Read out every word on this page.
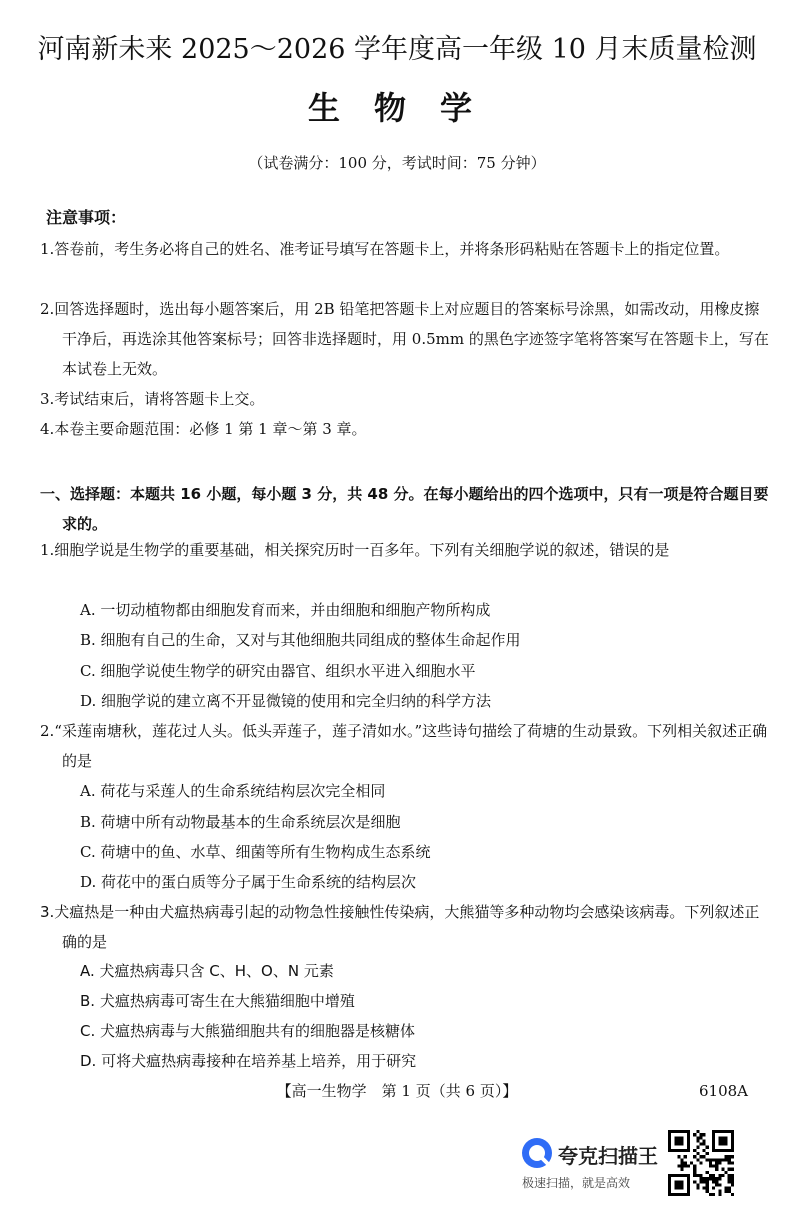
河南新未来 2025～2026 学年度高一年级 10 月末质量检测
生物学
（试卷满分：100 分，考试时间：75 分钟）
注意事项：
1.答卷前，考生务必将自己的姓名、准考证号填写在答题卡上，并将条形码粘贴在答题卡上的指定位置。
2.回答选择题时，选出每小题答案后，用 2B 铅笔把答题卡上对应题目的答案标号涂黑，如需改动，用橡皮擦干净后，再选涂其他答案标号；回答非选择题时，用 0.5mm 的黑色字迹签字笔将答案写在答题卡上，写在本试卷上无效。
3.考试结束后，请将答题卡上交。
4.本卷主要命题范围：必修 1 第 1 章～第 3 章。
一、选择题：本题共 16 小题，每小题 3 分，共 48 分。在每小题给出的四个选项中，只有一项是符合题目要求的。
1.细胞学说是生物学的重要基础，相关探究历时一百多年。下列有关细胞学说的叙述，错误的是
A. 一切动植物都由细胞发育而来，并由细胞和细胞产物所构成
B. 细胞有自己的生命，又对与其他细胞共同组成的整体生命起作用
C. 细胞学说使生物学的研究由器官、组织水平进入细胞水平
D. 细胞学说的建立离不开显微镜的使用和完全归纳的科学方法
2.“采莲南塘秋，莲花过人头。低头弄莲子，莲子清如水。”这些诗句描绘了荷塘的生动景致。下列相关叙述正确的是
A. 荷花与采莲人的生命系统结构层次完全相同
B. 荷塘中所有动物最基本的生命系统层次是细胞
C. 荷塘中的鱼、水草、细菌等所有生物构成生态系统
D. 荷花中的蛋白质等分子属于生命系统的结构层次
3.犬瘟热是一种由犬瘟热病毒引起的动物急性接触性传染病，大熊猫等多种动物均会感染该病毒。下列叙述正确的是
A. 犬瘟热病毒只含 C、H、O、N 元素
B. 犬瘟热病毒可寄生在大熊猫细胞中增殖
C. 犬瘟热病毒与大熊猫细胞共有的细胞器是核糖体
D. 可将犬瘟热病毒接种在培养基上培养，用于研究
【高一生物学　第 1 页（共 6 页）】	6108A
夸克扫描王
极速扫描，就是高效
